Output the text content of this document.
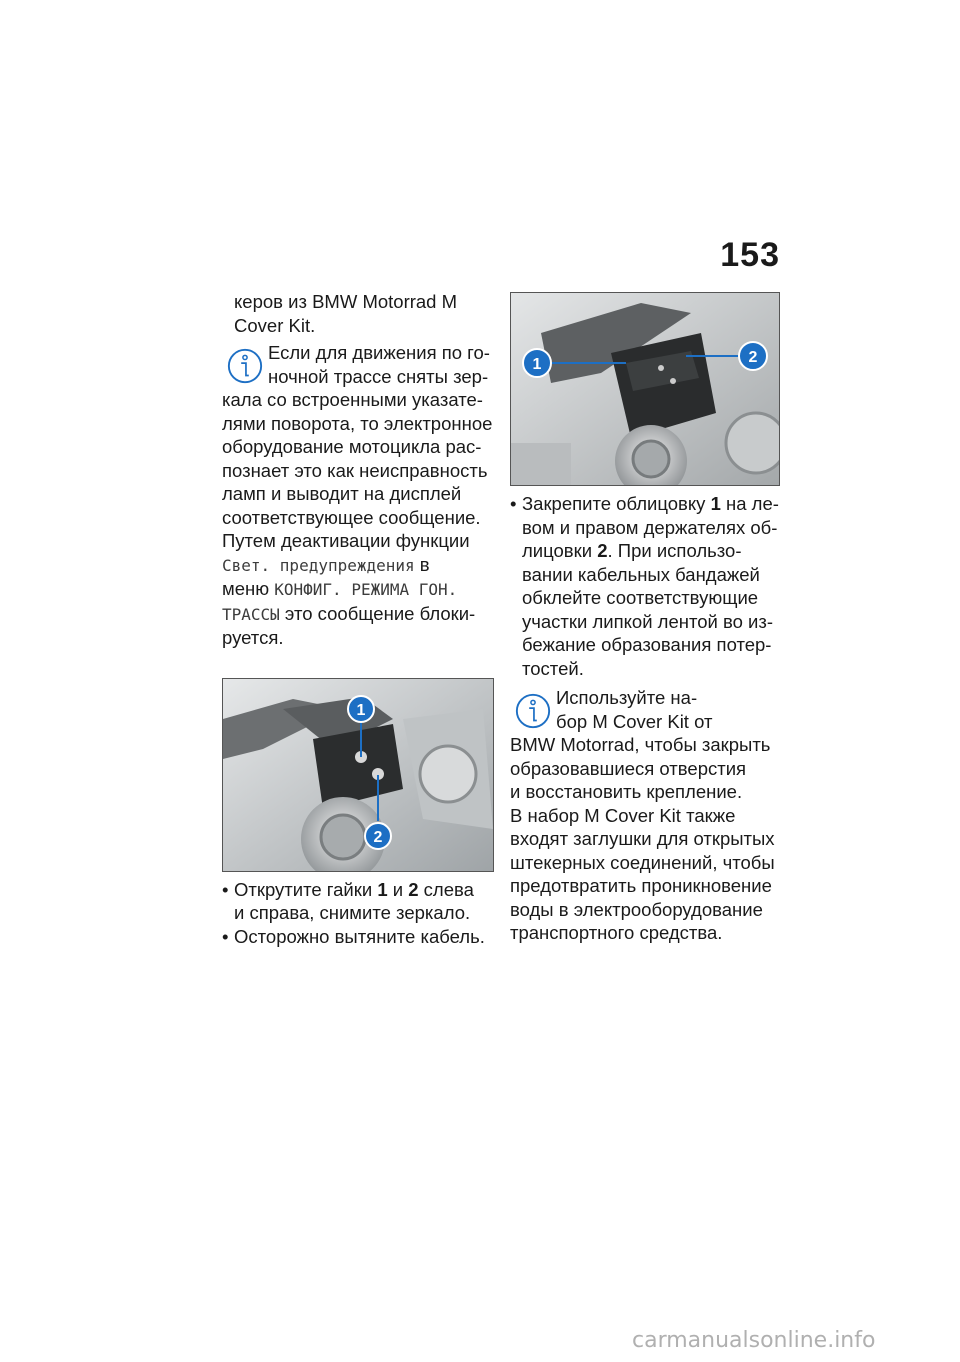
153

керов из BMW Motorrad M

Cover Kit.

Если для движения по го-

ночной трассе сняты зер-

кала со встроенными указате-

лями поворота, то электронное

оборудование мотоцикла рас-

познает это как неисправность

ламп и выводит на дисплей

соответствующее сообщение.

Путем деактивации функции

Свет. предупреждения в

меню КОНФИГ. РЕЖИМА ГОН.

ТРАССЫ это сообщение блоки-

руется.

1
2
• Открутите гайки 1 и 2 слева
и справа, снимите зеркало.
• Осторожно вытяните кабель.
1	2
• Закрепите облицовку 1 на ле-
вом и правом держателях об-
лицовки 2. При использо-
вании кабельных бандажей
обклейте соответствующие
участки липкой лентой во из-
бежание образования потер-
тостей.

Используйте на-

бор M Cover Kit от

BMW Motorrad, чтобы закрыть

образовавшиеся отверстия

и восстановить крепление.

В набор M Cover Kit также

входят заглушки для открытых

штекерных соединений, чтобы

предотвратить проникновение

воды в электрооборудование

транспортного средства.

carmanualsonline.info
